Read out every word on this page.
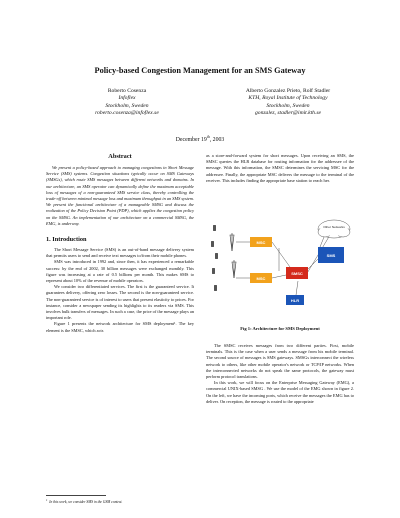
Policy-based Congestion Management for an SMS Gateway
Roberto Cosenza
Infoflex
Stockholm, Sweden
roberto.cosenza@infoflex.se
Alberto Gonzalez Prieto, Rolf Stadler
KTH, Royal Institute of Technology
Stockholm, Sweden
gonzalez, stadler@imit.kth.se
December 19th, 2003
Abstract
We present a policy-based approach to managing congestions in Short Message Service (SMS) systems. Congestion situations typically occur on SMS Gateways (SMSGs), which route SMS messages between different networks and domains. In our architecture, an SMS operator can dynamically define the maximum acceptable loss of messages of a non-guaranteed SMS service class, thereby controlling the trade-off between minimal message loss and maximum throughput in an SMS system. We present the functional architecture of a manageable SMSG and discuss the realization of the Policy Decision Point (PDP), which applies the congestion policy on the SMSG. An implementation of our architecture on a commercial SMSG, the EMG, is underway.
1. Introduction

The Short Message Service (SMS) is an out-of-band message delivery system that permits users to send and receive text messages to/from their mobile phones.

SMS was introduced in 1992 and, since then, it has experienced a remarkable success: by the end of 2002, 30 billion messages were exchanged monthly. This figure was increasing at a rate of 0.5 billions per month. This makes SMS to represent about 10% of the revenue of mobile operators.

We consider two differentiated services. The first is the guaranteed service. It guarantees delivery, offering zero losses. The second is the non-guaranteed service. The non-guaranteed service is of interest to users that present elasticity to prices. For instance, consider a newspaper sending its highlights to its readers via SMS. This involves bulk transfers of messages. In such a case, the price of the message plays an important role.

Figure 1 presents the network architecture for SMS deployment¹. The key element is the SMSC, which acts

$^1$  In this work, we consider SMS in the GSM context.

as a store-and-forward system for short messages. Upon receiving an SMS, the SMSC queries the HLR database for routing information for the addressee of the message. With this information, the SMSC determines the servicing MSC for the addressee. Finally, the appropriate MSC delivers the message to the terminal of the receiver. This includes finding the appropriate base station to reach her.

MSC
MSC
SMSC
SMS
HLR
Other Networks
Fig 1: Architecture for SMS Deployment

The SMSC receives messages from two different parties. First, mobile terminals. This is the case when a user sends a message from his mobile terminal. The second source of messages is SMS gateways. SMSGs interconnect the wireless network to others, like other mobile operator's network or TCP/IP networks. When the interconnected networks do not speak the same protocols, the gateway must perform protocol translations.

In this work, we will focus on the Enterprise Messaging Gateway (EMG), a commercial UNIX-based SMSG . We use the model of the EMG shown in figure 2. On the left, we have the incoming ports, which receive the messages the EMG has to deliver. On reception, the message is routed to the appropriate
